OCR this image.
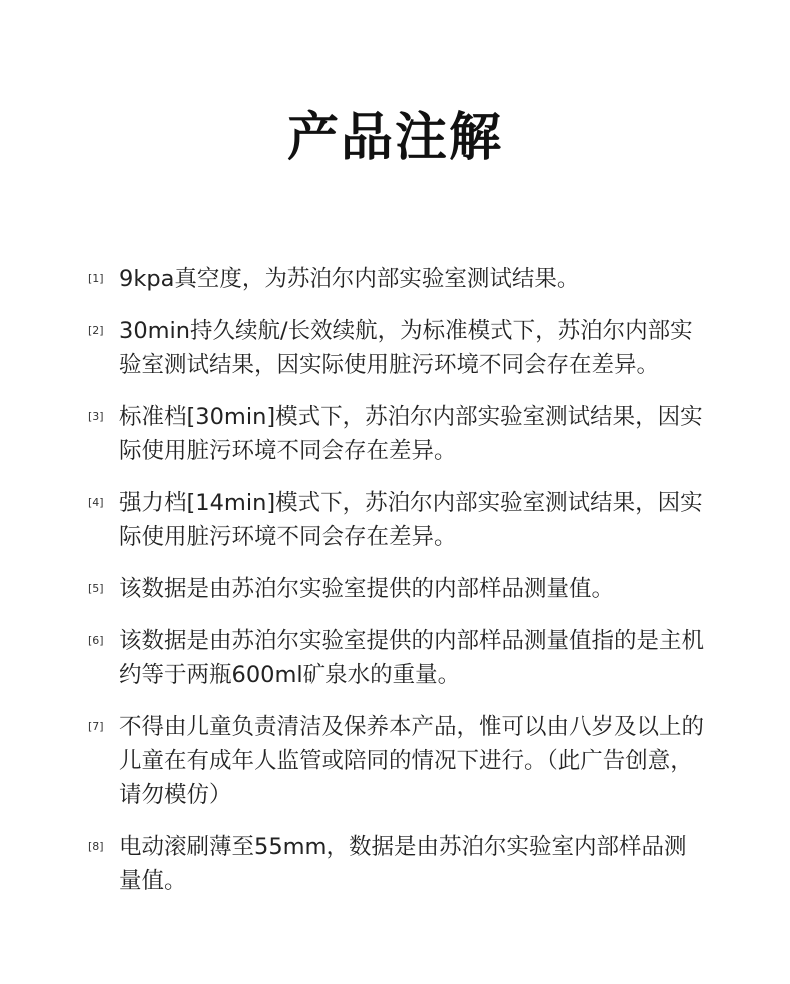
产品注解
[1] 9kpa真空度，为苏泊尔内部实验室测试结果。
[2] 30min持久续航/长效续航，为标准模式下，苏泊尔内部实验室测试结果，因实际使用脏污环境不同会存在差异。
[3] 标准档[30min]模式下，苏泊尔内部实验室测试结果，因实际使用脏污环境不同会存在差异。
[4] 强力档[14min]模式下，苏泊尔内部实验室测试结果，因实际使用脏污环境不同会存在差异。
[5] 该数据是由苏泊尔实验室提供的内部样品测量值。
[6] 该数据是由苏泊尔实验室提供的内部样品测量值指的是主机约等于两瓶600ml矿泉水的重量。
[7] 不得由儿童负责清洁及保养本产品，惟可以由八岁及以上的儿童在有成年人监管或陪同的情况下进行。（此广告创意，请勿模仿）
[8] 电动滚刷薄至55mm，数据是由苏泊尔实验室内部样品测量值。
